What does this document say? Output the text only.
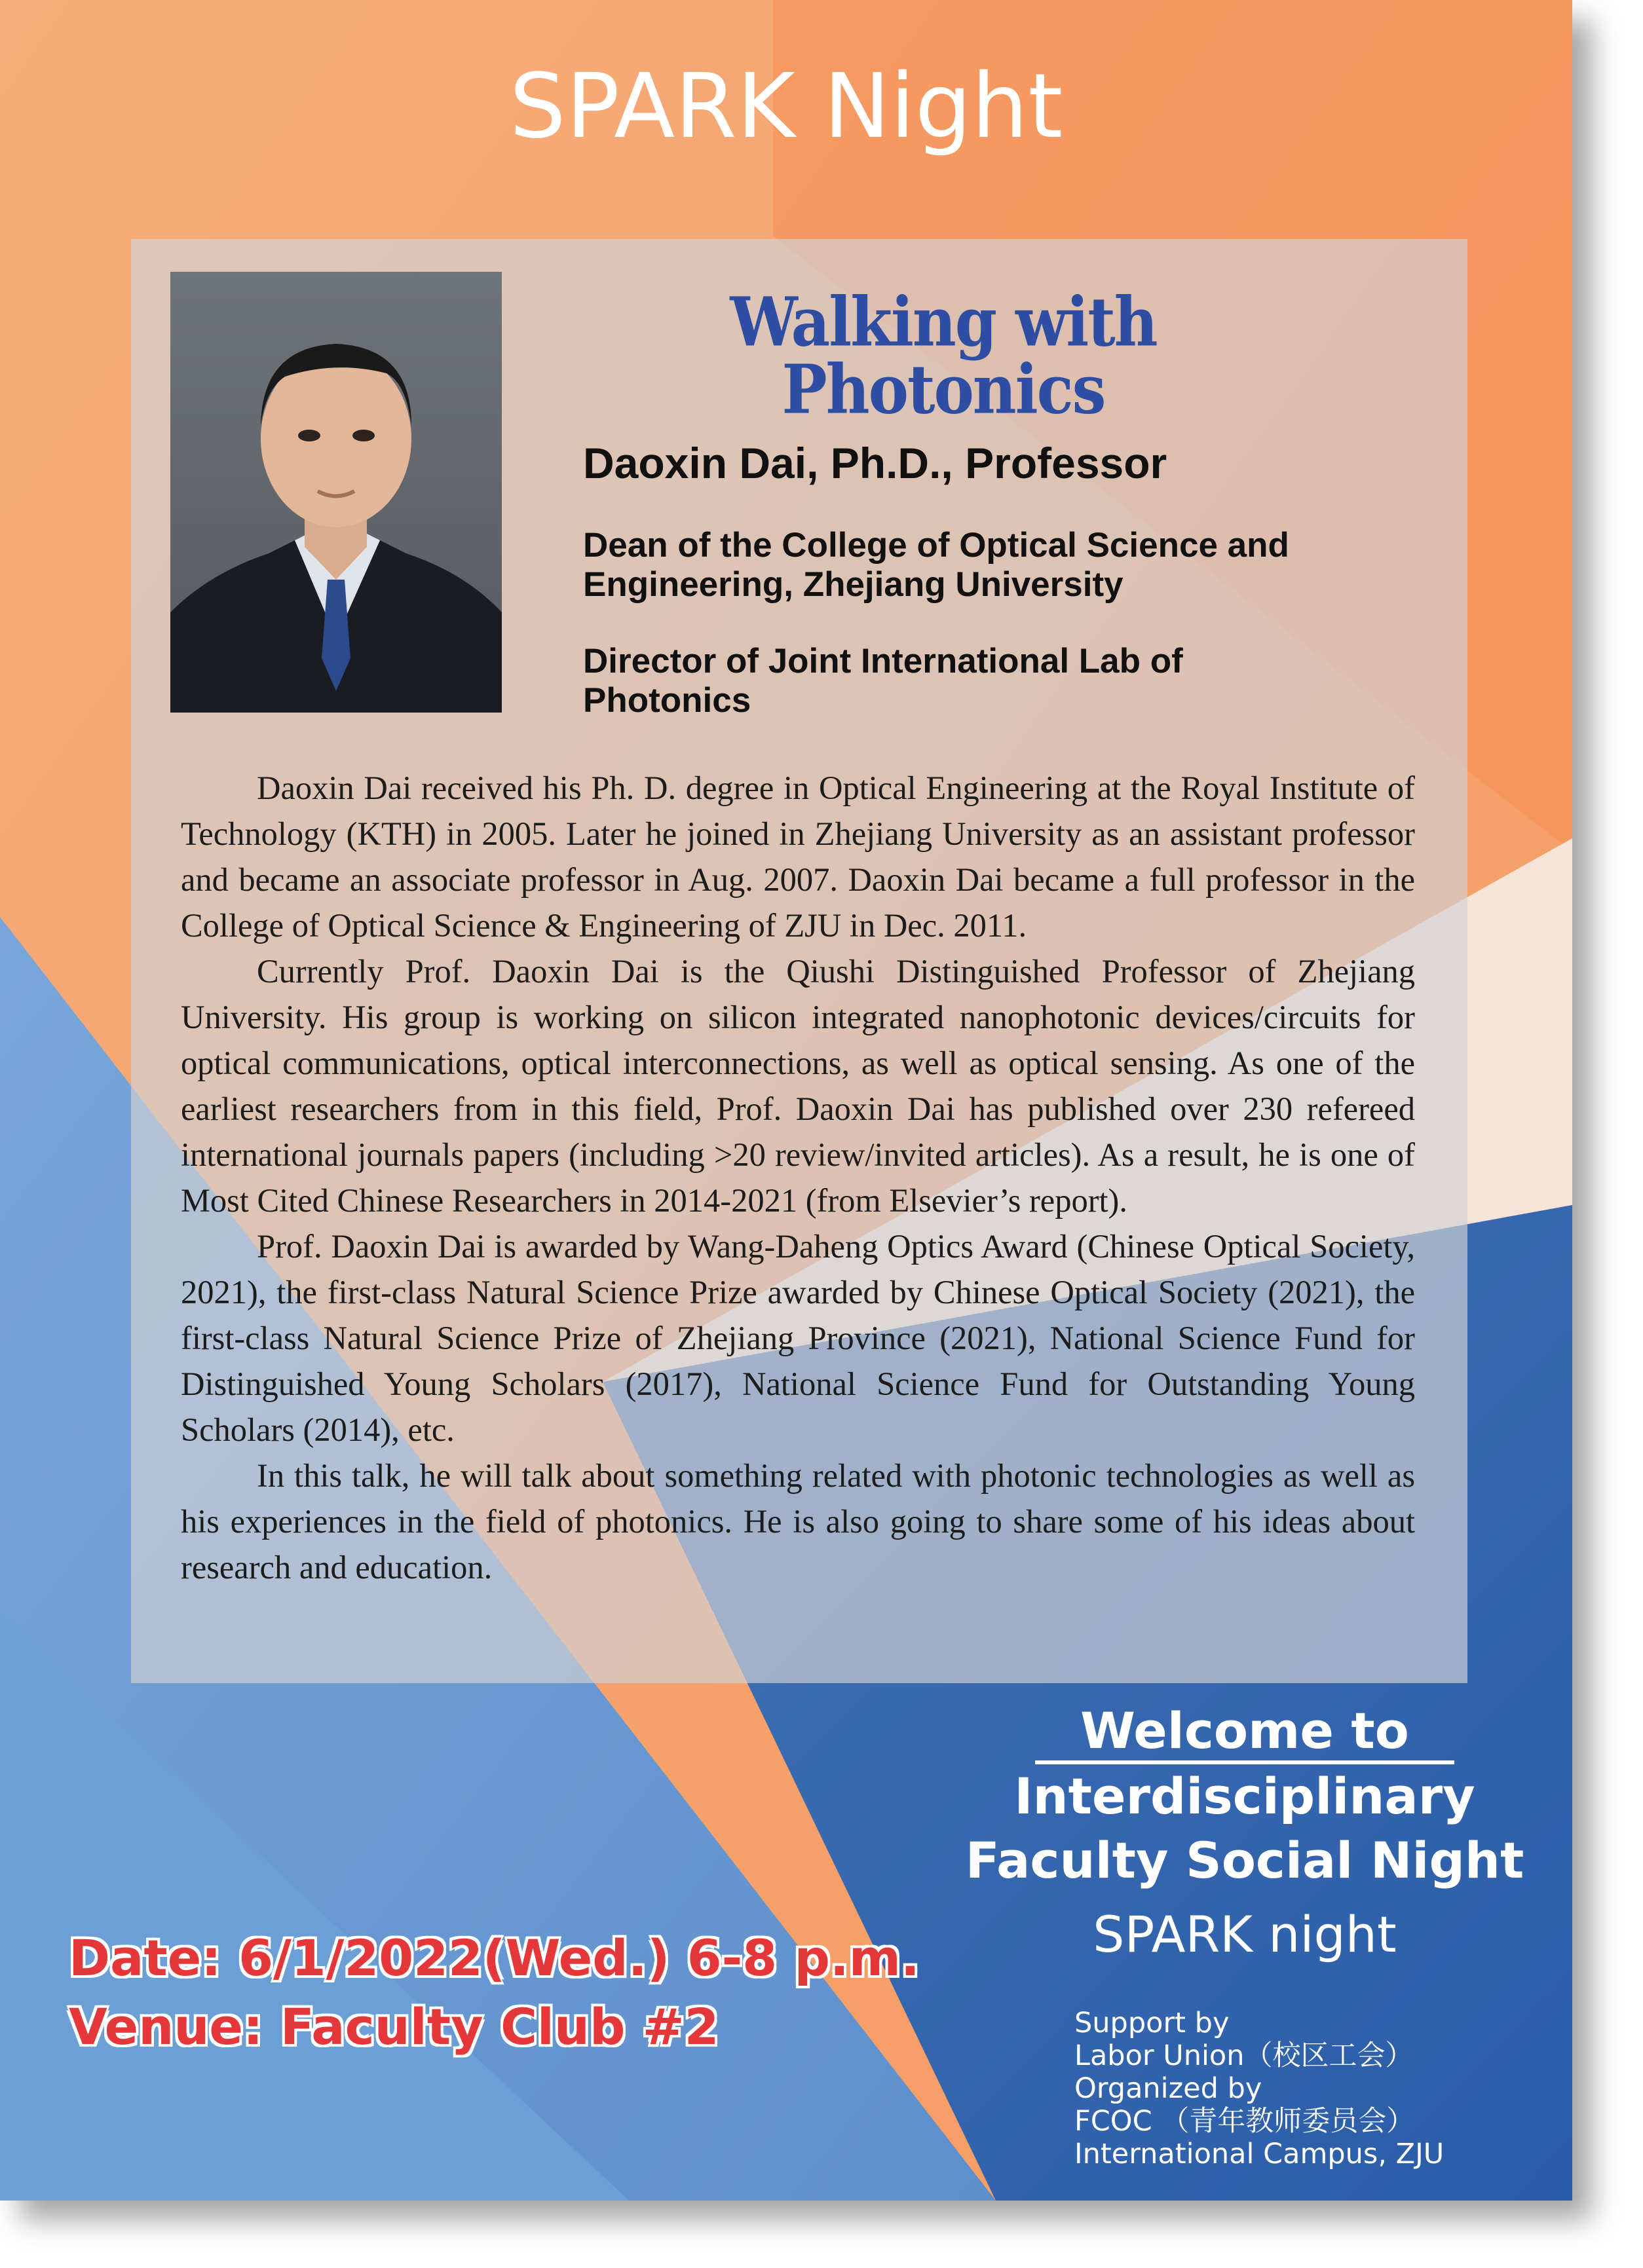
SPARK Night
Walking with Photonics
Daoxin Dai, Ph.D., Professor
Dean of the College of Optical Science and Engineering, Zhejiang University
Director of Joint International Lab of Photonics

Daoxin Dai received his Ph. D. degree in Optical Engineering at the Royal Institute of Technology (KTH) in 2005. Later he joined in Zhejiang University as an assistant professor and became an associate professor in Aug. 2007. Daoxin Dai became a full professor in the College of Optical Science & Engineering of ZJU in Dec. 2011.

Currently Prof. Daoxin Dai is the Qiushi Distinguished Professor of Zhejiang University. His group is working on silicon integrated nanophotonic devices/circuits for optical communications, optical interconnections, as well as optical sensing. As one of the earliest researchers from in this field, Prof. Daoxin Dai has published over 230 refereed international journals papers (including >20 review/invited articles). As a result, he is one of Most Cited Chinese Researchers in 2014-2021 (from Elsevier’s report).

Prof. Daoxin Dai is awarded by Wang-Daheng Optics Award (Chinese Optical Society, 2021), the first-class Natural Science Prize awarded by Chinese Optical Society (2021), the first-class Natural Science Prize of Zhejiang Province (2021), National Science Fund for Distinguished Young Scholars (2017), National Science Fund for Outstanding Young Scholars (2014), etc.

In this talk, he will talk about something related with photonic technologies as well as his experiences in the field of photonics. He is also going to share some of his ideas about research and education.

Welcome to
Interdisciplinary
Faculty Social Night
SPARK night
Date: 6/1/2022(Wed.) 6-8 p.m.
Venue: Faculty Club #2	Support by
Labor Union（校区工会）
Organized by
FCOC （青年教师委员会）
International Campus, ZJU
